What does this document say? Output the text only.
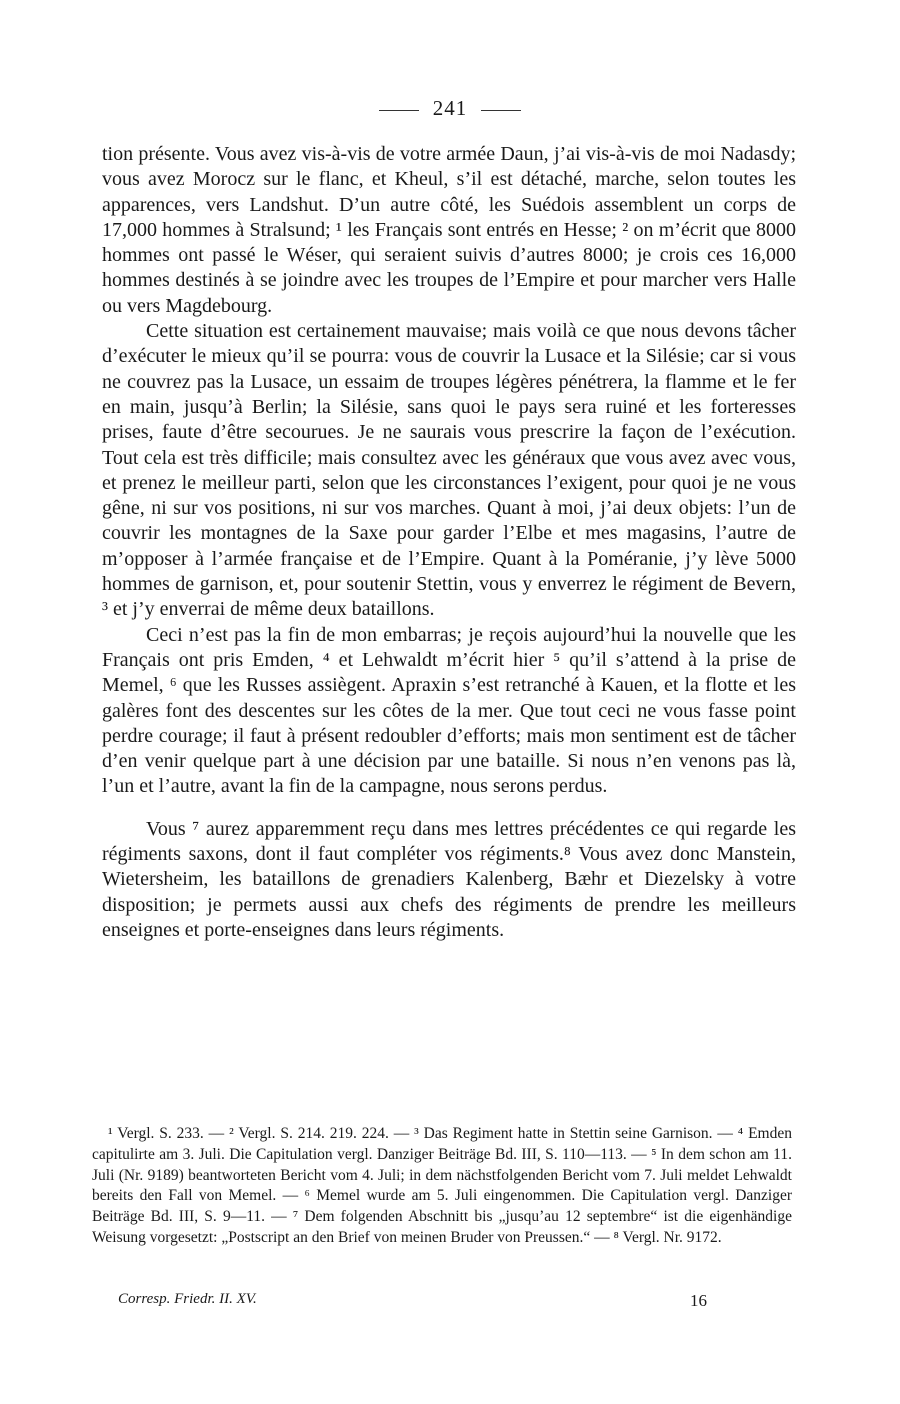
241

tion présente. Vous avez vis-à-vis de votre armée Daun, j’ai vis-à-vis de moi Nadasdy; vous avez Morocz sur le flanc, et Kheul, s’il est détaché, marche, selon toutes les apparences, vers Landshut. D’un autre côté, les Suédois assemblent un corps de 17,000 hommes à Stralsund; ¹ les Français sont entrés en Hesse; ² on m’écrit que 8000 hommes ont passé le Wéser, qui seraient suivis d’autres 8000; je crois ces 16,000 hommes destinés à se joindre avec les troupes de l’Empire et pour marcher vers Halle ou vers Magdebourg.

Cette situation est certainement mauvaise; mais voilà ce que nous devons tâcher d’exécuter le mieux qu’il se pourra: vous de couvrir la Lusace et la Silésie; car si vous ne couvrez pas la Lusace, un essaim de troupes légères pénétrera, la flamme et le fer en main, jusqu’à Berlin; la Silésie, sans quoi le pays sera ruiné et les forteresses prises, faute d’être secourues. Je ne saurais vous prescrire la façon de l’exécution. Tout cela est très difficile; mais consultez avec les généraux que vous avez avec vous, et prenez le meilleur parti, selon que les circonstances l’exigent, pour quoi je ne vous gêne, ni sur vos positions, ni sur vos marches. Quant à moi, j’ai deux objets: l’un de couvrir les montagnes de la Saxe pour garder l’Elbe et mes magasins, l’autre de m’opposer à l’armée française et de l’Empire. Quant à la Poméranie, j’y lève 5000 hommes de garnison, et, pour soutenir Stettin, vous y enverrez le régiment de Bevern, ³ et j’y enverrai de même deux bataillons.

Ceci n’est pas la fin de mon embarras; je reçois aujourd’hui la nouvelle que les Français ont pris Emden, ⁴ et Lehwaldt m’écrit hier ⁵ qu’il s’attend à la prise de Memel, ⁶ que les Russes assiègent. Apraxin s’est retranché à Kauen, et la flotte et les galères font des descentes sur les côtes de la mer. Que tout ceci ne vous fasse point perdre courage; il faut à présent redoubler d’efforts; mais mon sentiment est de tâcher d’en venir quelque part à une décision par une bataille. Si nous n’en venons pas là, l’un et l’autre, avant la fin de la campagne, nous serons perdus.

Vous ⁷ aurez apparemment reçu dans mes lettres précédentes ce qui regarde les régiments saxons, dont il faut compléter vos régiments.⁸ Vous avez donc Manstein, Wietersheim, les bataillons de grenadiers Kalenberg, Bæhr et Diezelsky à votre disposition; je permets aussi aux chefs des régiments de prendre les meilleurs enseignes et porte-enseignes dans leurs régiments.

¹ Vergl. S. 233. — ² Vergl. S. 214. 219. 224. — ³ Das Regiment hatte in Stettin seine Garnison. — ⁴ Emden capitulirte am 3. Juli. Die Capitulation vergl. Danziger Beiträge Bd. III, S. 110—113. — ⁵ In dem schon am 11. Juli (Nr. 9189) beantworteten Bericht vom 4. Juli; in dem nächstfolgenden Bericht vom 7. Juli meldet Lehwaldt bereits den Fall von Memel. — ⁶ Memel wurde am 5. Juli eingenommen. Die Capitulation vergl. Danziger Beiträge Bd. III, S. 9—11. — ⁷ Dem folgenden Abschnitt bis „jusqu’au 12 septembre“ ist die eigenhändige Weisung vorgesetzt: „Postscript an den Brief von meinen Bruder von Preussen.“ — ⁸ Vergl. Nr. 9172.

Corresp. Friedr. II. XV.	16
